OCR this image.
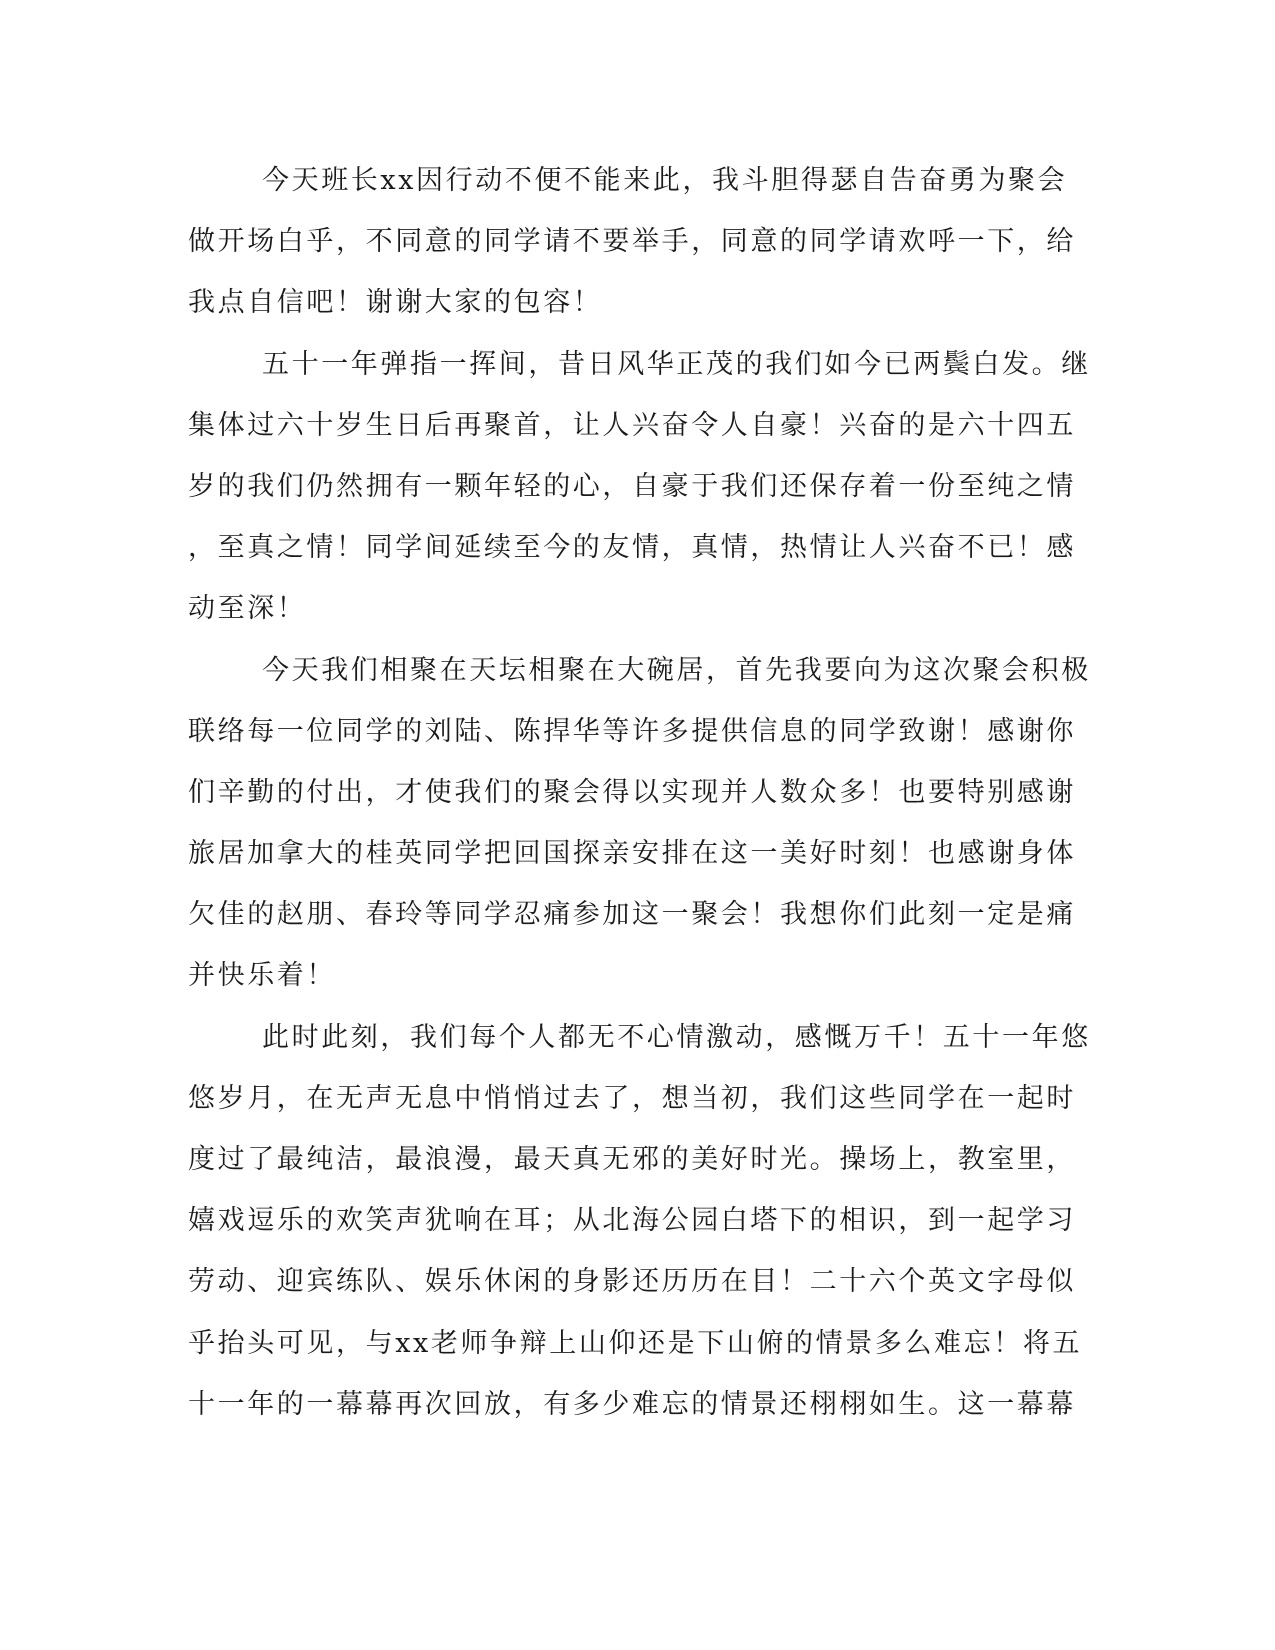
今天班长xx因行动不便不能来此，我斗胆得瑟自告奋勇为聚会
做开场白乎，不同意的同学请不要举手，同意的同学请欢呼一下，给
我点自信吧！谢谢大家的包容！
五十一年弹指一挥间，昔日风华正茂的我们如今已两鬓白发。继
集体过六十岁生日后再聚首，让人兴奋令人自豪！兴奋的是六十四五
岁的我们仍然拥有一颗年轻的心，自豪于我们还保存着一份至纯之情
，至真之情！同学间延续至今的友情，真情，热情让人兴奋不已！感
动至深！
今天我们相聚在天坛相聚在大碗居，首先我要向为这次聚会积极
联络每一位同学的刘陆、陈捍华等许多提供信息的同学致谢！感谢你
们辛勤的付出，才使我们的聚会得以实现并人数众多！也要特别感谢
旅居加拿大的桂英同学把回国探亲安排在这一美好时刻！也感谢身体
欠佳的赵朋、春玲等同学忍痛参加这一聚会！我想你们此刻一定是痛
并快乐着！
此时此刻，我们每个人都无不心情激动，感慨万千！五十一年悠
悠岁月，在无声无息中悄悄过去了，想当初，我们这些同学在一起时
度过了最纯洁，最浪漫，最天真无邪的美好时光。操场上，教室里，
嬉戏逗乐的欢笑声犹响在耳；从北海公园白塔下的相识，到一起学习
劳动、迎宾练队、娱乐休闲的身影还历历在目！二十六个英文字母似
乎抬头可见，与xx老师争辩上山仰还是下山俯的情景多么难忘！将五
十一年的一幕幕再次回放，有多少难忘的情景还栩栩如生。这一幕幕
